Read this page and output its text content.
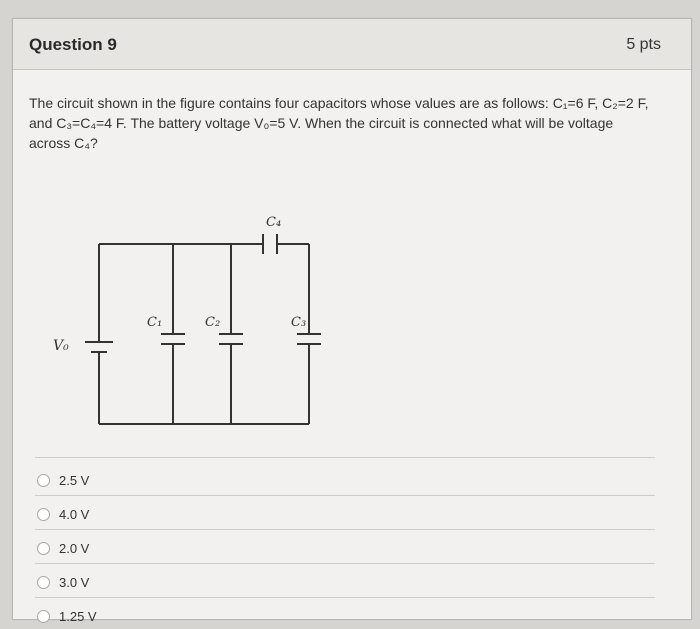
Question 9	5 pts
The circuit shown in the figure contains four capacitors whose values are as follows: C₁=6 F, C₂=2 F,
and C₃=C₄=4 F. The battery voltage V₀=5 V. When the circuit is connected what will be voltage
across C₄?
C₄
C₁	C₂	C₃
V₀
2.5 V
4.0 V
2.0 V
3.0 V
1.25 V
